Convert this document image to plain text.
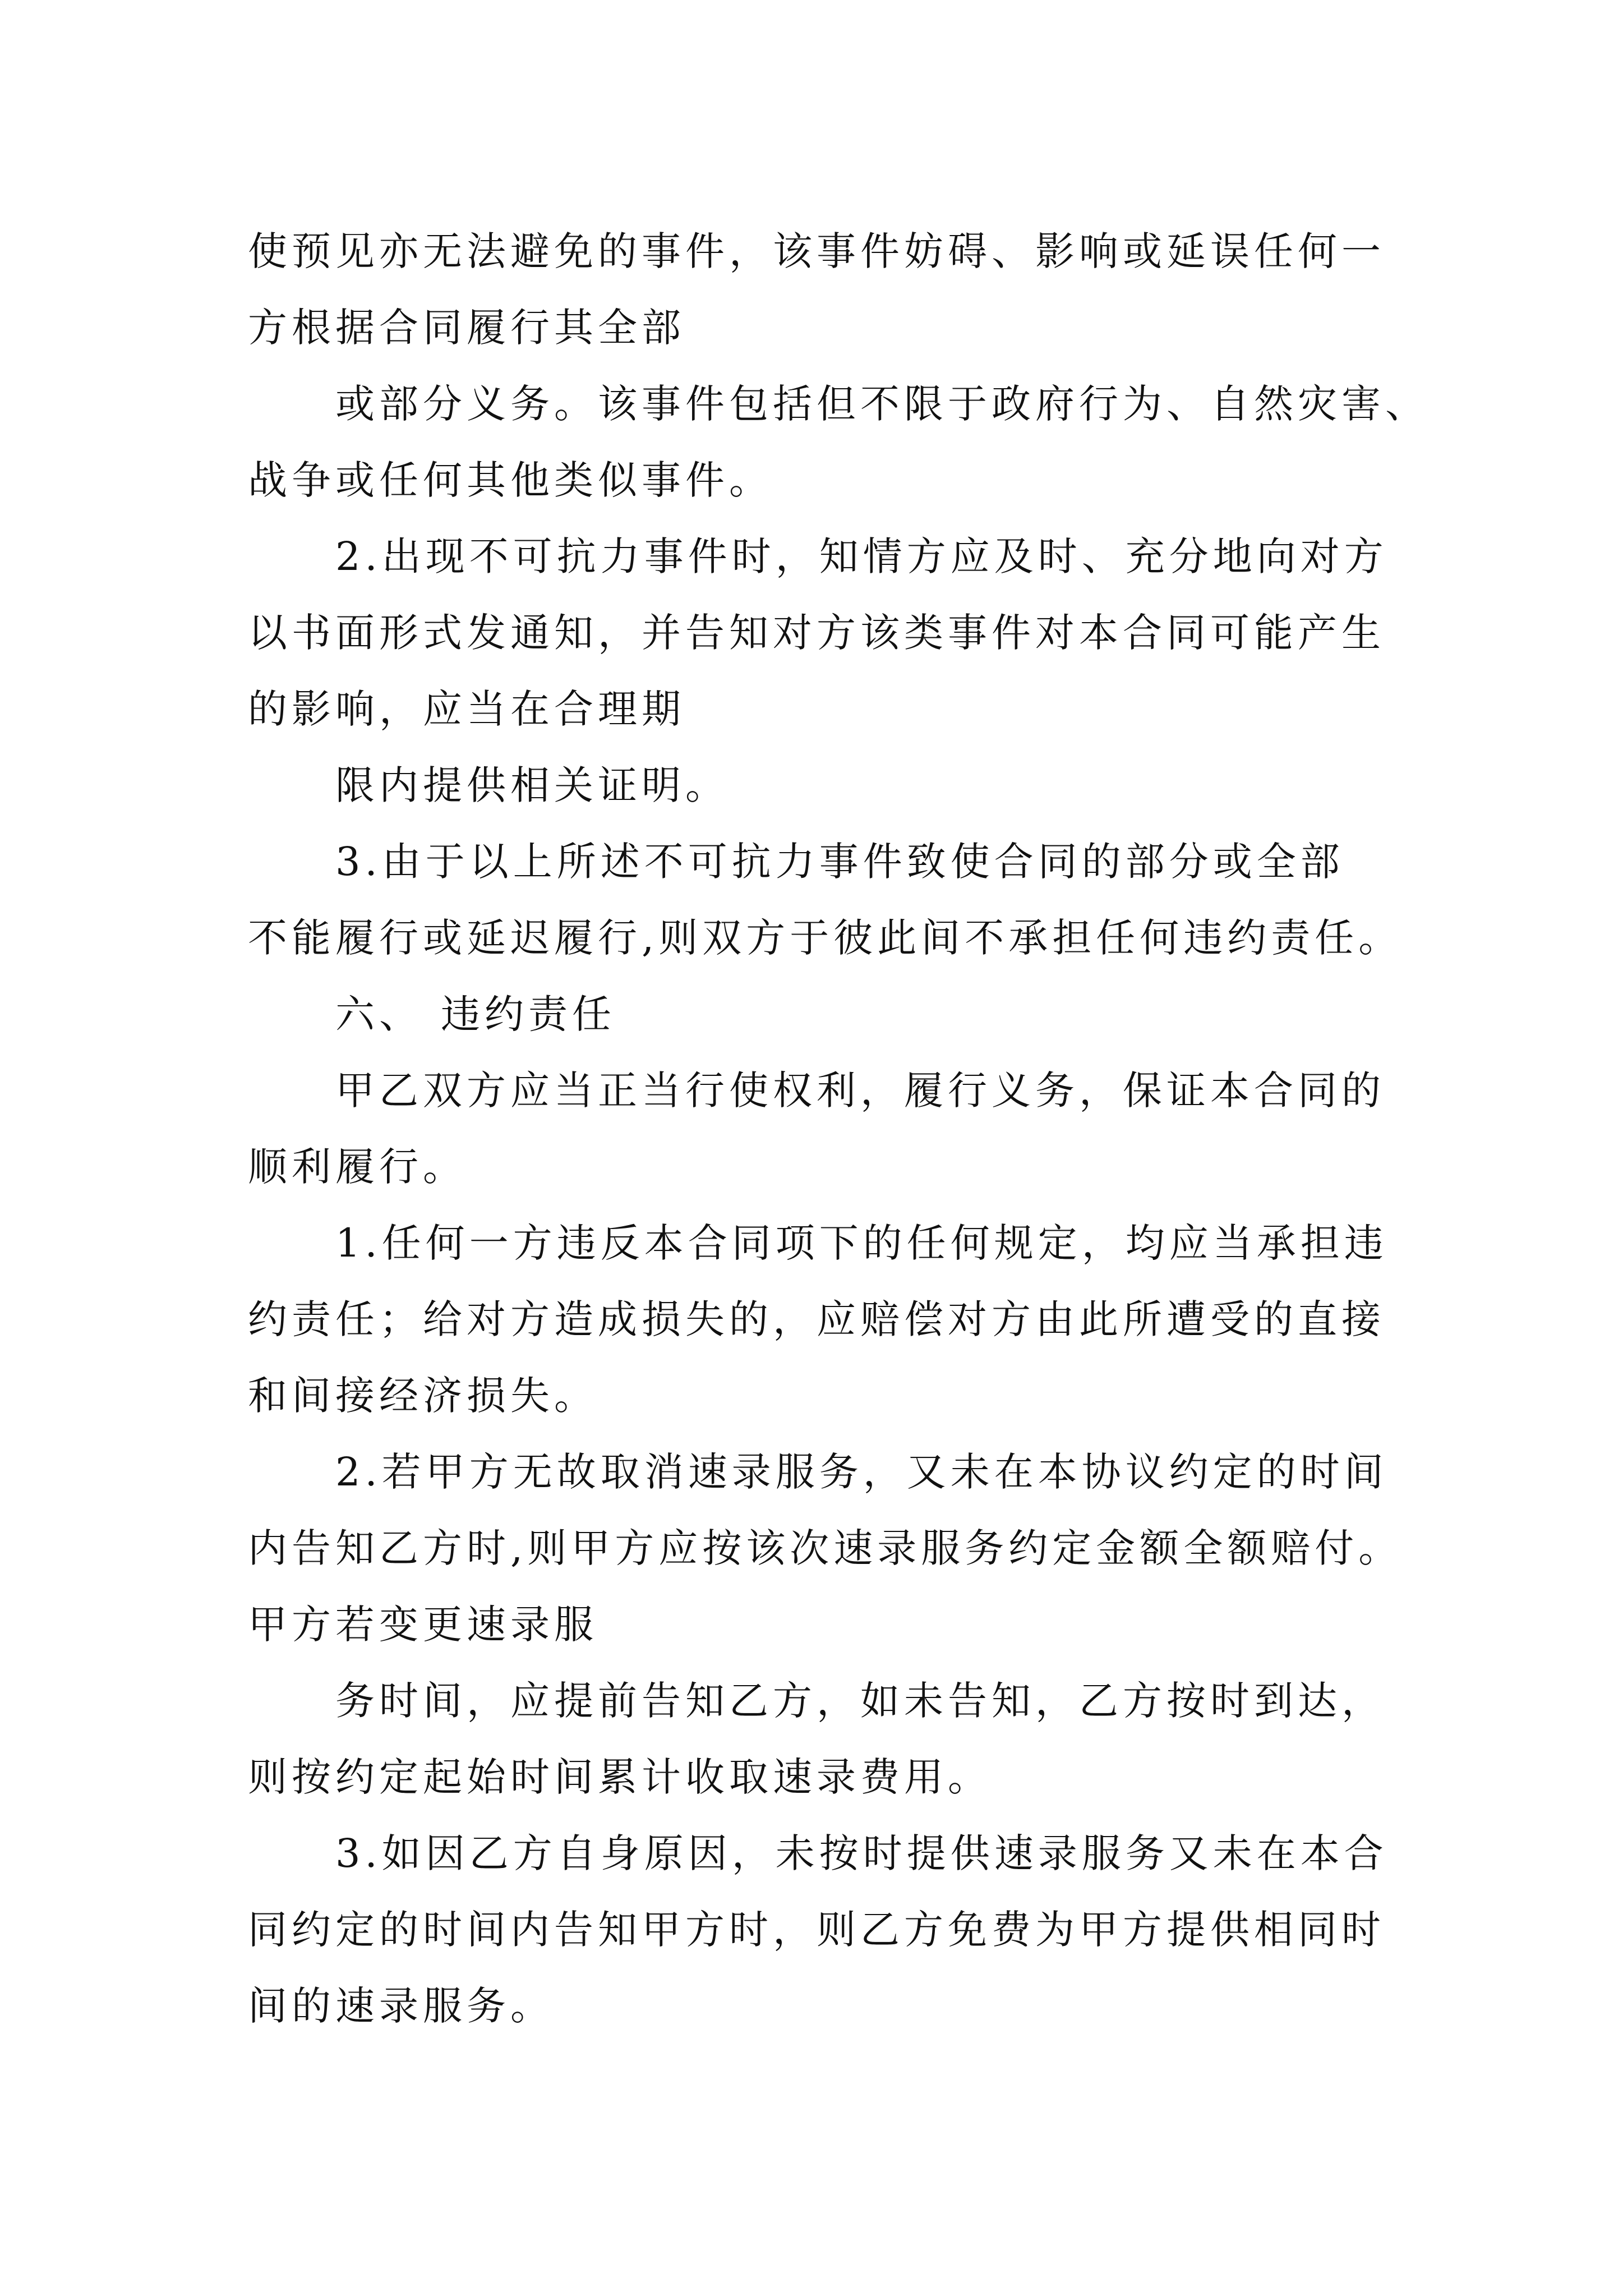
使预见亦无法避免的事件，该事件妨碍、影响或延误任何一
方根据合同履行其全部
或部分义务。该事件包括但不限于政府行为、自然灾害、
战争或任何其他类似事件。
2.出现不可抗力事件时，知情方应及时、充分地向对方
以书面形式发通知，并告知对方该类事件对本合同可能产生
的影响，应当在合理期
限内提供相关证明。
3.由于以上所述不可抗力事件致使合同的部分或全部
不能履行或延迟履行,则双方于彼此间不承担任何违约责任。
六、 违约责任
甲乙双方应当正当行使权利，履行义务，保证本合同的
顺利履行。
1.任何一方违反本合同项下的任何规定，均应当承担违
约责任；给对方造成损失的，应赔偿对方由此所遭受的直接
和间接经济损失。
2.若甲方无故取消速录服务，又未在本协议约定的时间
内告知乙方时,则甲方应按该次速录服务约定金额全额赔付。
甲方若变更速录服
务时间，应提前告知乙方，如未告知，乙方按时到达，
则按约定起始时间累计收取速录费用。
3.如因乙方自身原因，未按时提供速录服务又未在本合
同约定的时间内告知甲方时，则乙方免费为甲方提供相同时
间的速录服务。
